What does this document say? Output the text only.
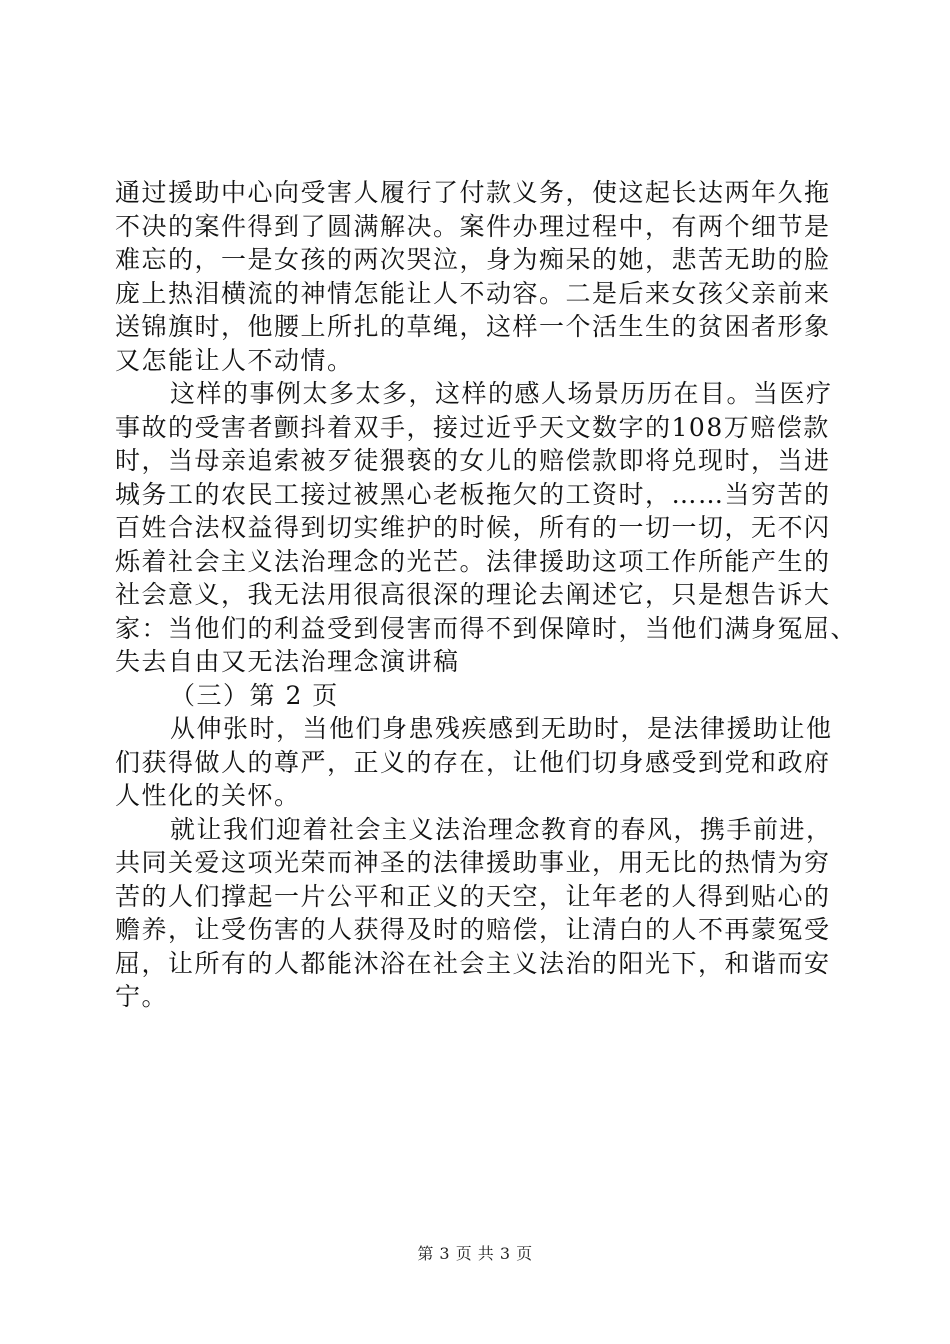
通过援助中心向受害人履行了付款义务，使这起长达两年久拖
不决的案件得到了圆满解决。案件办理过程中，有两个细节是
难忘的，一是女孩的两次哭泣，身为痴呆的她，悲苦无助的脸
庞上热泪横流的神情怎能让人不动容。二是后来女孩父亲前来
送锦旗时，他腰上所扎的草绳，这样一个活生生的贫困者形象
又怎能让人不动情。

这样的事例太多太多，这样的感人场景历历在目。当医疗
事故的受害者颤抖着双手，接过近乎天文数字的108万赔偿款
时，当母亲追索被歹徒猥亵的女儿的赔偿款即将兑现时，当进
城务工的农民工接过被黑心老板拖欠的工资时，……当穷苦的
百姓合法权益得到切实维护的时候，所有的一切一切，无不闪
烁着社会主义法治理念的光芒。法律援助这项工作所能产生的
社会意义，我无法用很高很深的理论去阐述它，只是想告诉大
家：当他们的利益受到侵害而得不到保障时，当他们满身冤屈、
失去自由又无法治理念演讲稿

（三）第 2 页

从伸张时，当他们身患残疾感到无助时，是法律援助让他
们获得做人的尊严，正义的存在，让他们切身感受到党和政府
人性化的关怀。

就让我们迎着社会主义法治理念教育的春风，携手前进，
共同关爱这项光荣而神圣的法律援助事业，用无比的热情为穷
苦的人们撑起一片公平和正义的天空，让年老的人得到贴心的
赡养，让受伤害的人获得及时的赔偿，让清白的人不再蒙冤受
屈，让所有的人都能沐浴在社会主义法治的阳光下，和谐而安
宁。

第 3 页 共 3 页
